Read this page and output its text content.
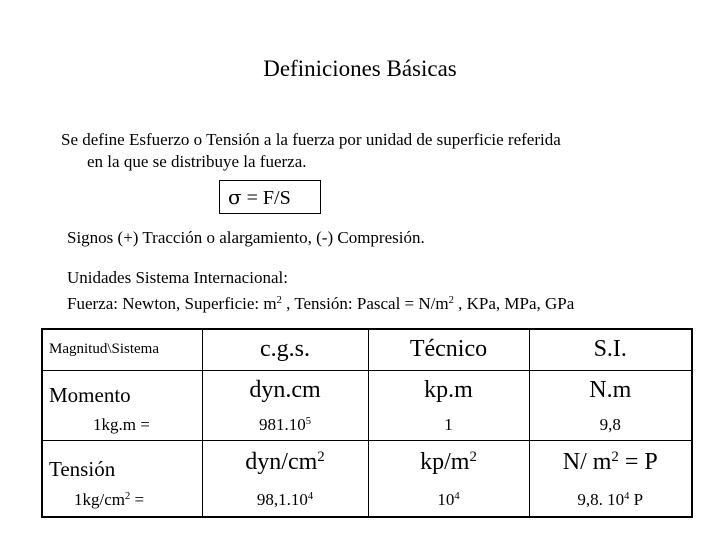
Definiciones Básicas
Se define Esfuerzo o Tensión a la fuerza por unidad de superficie referida
en la que se distribuye la fuerza.
σ = F/S
Signos (+) Tracción o alargamiento, (-) Compresión.
Unidades Sistema Internacional:
Fuerza: Newton, Superficie: $m^2$ , Tensión: Pascal = $N/m^2$ , KPa, MPa, GPa
Magnitud\Sistema	c.g.s.	Técnico	S.I.
Momento	dyn.cm	kp.m	N.m
1kg.m =	$981.10^5$	1	9,8
Tensión	dyn/$cm^2$	$kp/m^2$	N/ $m^2 = P$
$1kg/cm^2$ =	$98,1.10^4$	$10^4$	9,8. $10^4$ P
